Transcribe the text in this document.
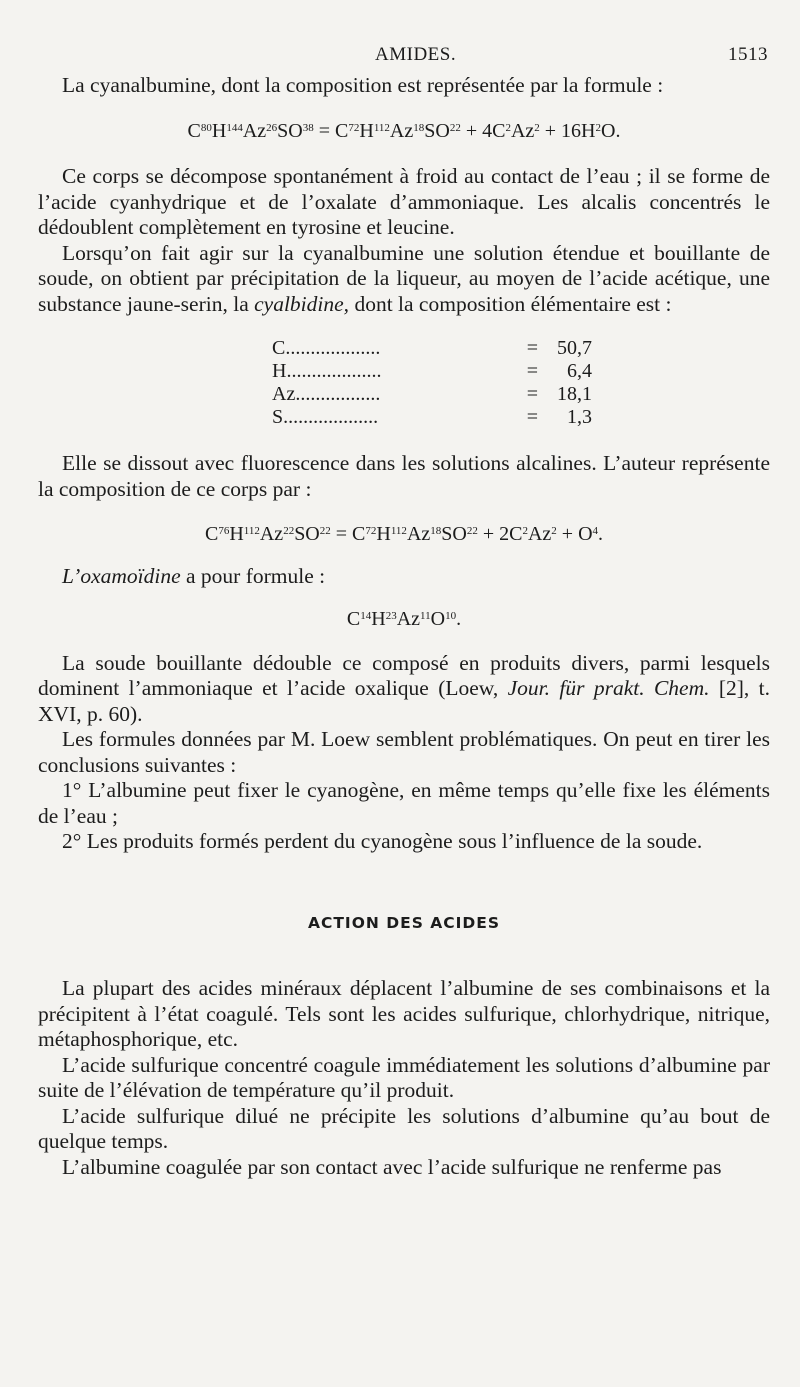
AMIDES.	1513

La cyanalbumine, dont la composition est représentée par la formule :

$C^{80}H^{144}Az^{26}SO^{38} = C^{72}H^{112}Az^{18}SO^{22} + 4C^2Az^2 + 16H^2O$.

Ce corps se décompose spontanément à froid au contact de l’eau ; il se forme de l’acide cyanhydrique et de l’oxalate d’ammoniaque. Les alcalis concentrés le dédoublent complètement en tyrosine et leucine.

Lorsqu’on fait agir sur la cyanalbumine une solution étendue et bouillante de soude, on obtient par précipitation de la liqueur, au moyen de l’acide acétique, une substance jaune-serin, la cyalbidine, dont la composition élémentaire est :

C...................	= 50,7
H...................	= 6,4
Az.................	= 18,1
S...................	= 1,3

Elle se dissout avec fluorescence dans les solutions alcalines. L’auteur représente la composition de ce corps par :

$C^{76}H^{112}Az^{22}SO^{22} = C^{72}H^{112}Az^{18}SO^{22} + 2C^2Az^2 + O^4$.

L’oxamoïdine a pour formule :

$C^{14}H^{23}Az^{11}O^{10}$.

La soude bouillante dédouble ce composé en produits divers, parmi lesquels dominent l’ammoniaque et l’acide oxalique (Loew, Jour. für prakt. Chem. [2], t. XVI, p. 60).

Les formules données par M. Loew semblent problématiques. On peut en tirer les conclusions suivantes :

1° L’albumine peut fixer le cyanogène, en même temps qu’elle fixe les éléments de l’eau ;

2° Les produits formés perdent du cyanogène sous l’influence de la soude.

ACTION DES ACIDES

La plupart des acides minéraux déplacent l’albumine de ses combinaisons et la précipitent à l’état coagulé. Tels sont les acides sulfurique, chlorhydrique, nitrique, métaphosphorique, etc.

L’acide sulfurique concentré coagule immédiatement les solutions d’albumine par suite de l’élévation de température qu’il produit.

L’acide sulfurique dilué ne précipite les solutions d’albumine qu’au bout de quelque temps.

L’albumine coagulée par son contact avec l’acide sulfurique ne renferme pas
